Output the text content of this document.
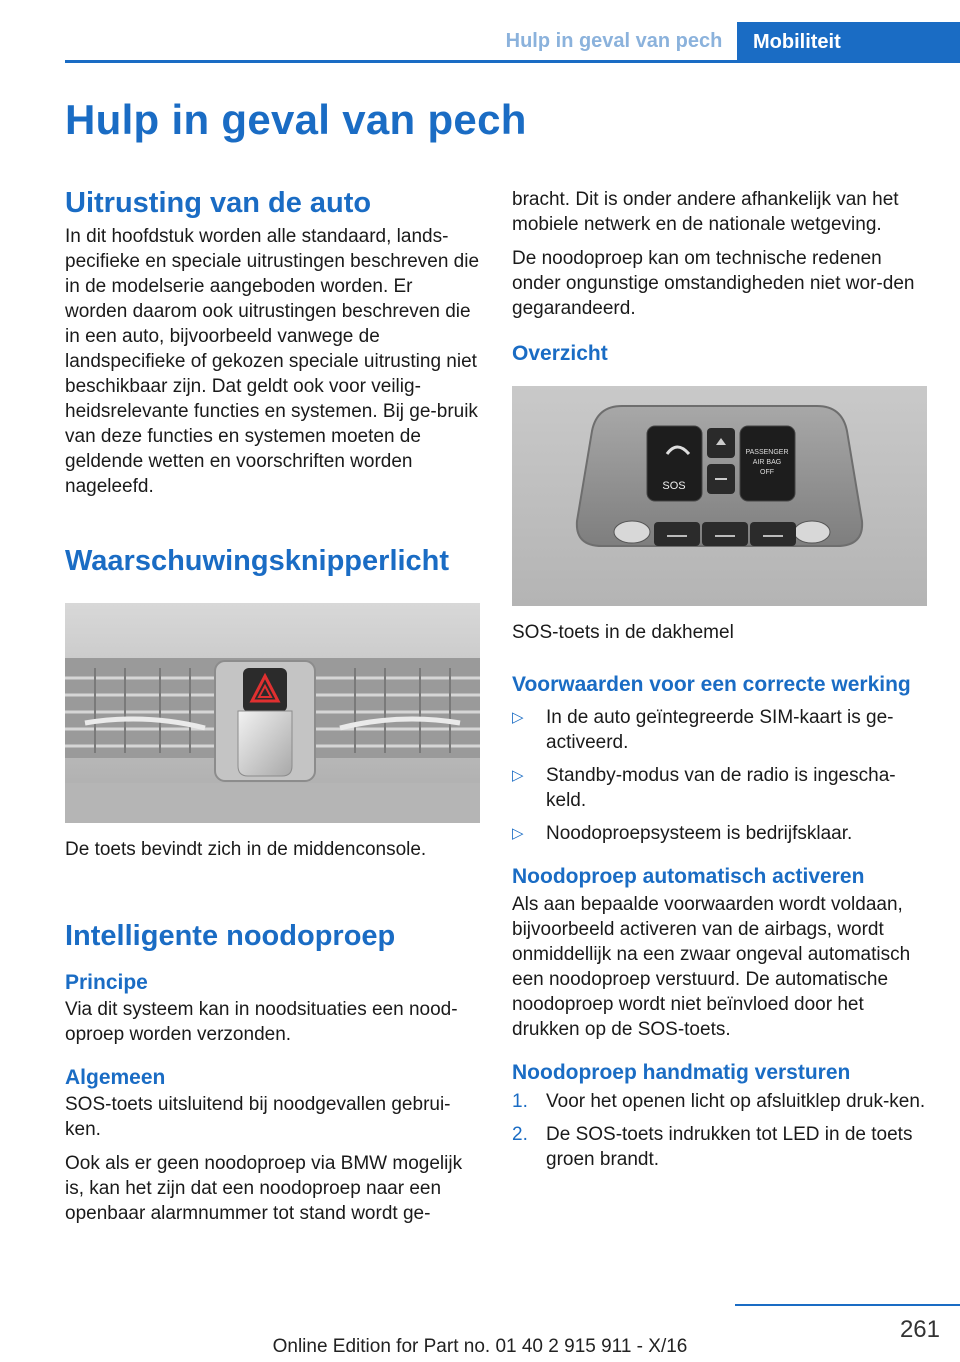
Hulp in geval van pech	Mobiliteit
Hulp in geval van pech
Uitrusting van de auto

In dit hoofdstuk worden alle standaard, lands-pecifieke en speciale uitrustingen beschreven die in de modelserie aangeboden worden. Er worden daarom ook uitrustingen beschreven die in een auto, bijvoorbeeld vanwege de landspecifieke of gekozen speciale uitrusting niet beschikbaar zijn. Dat geldt ook voor veilig-heidsrelevante functies en systemen. Bij ge-bruik van deze functies en systemen moeten de geldende wetten en voorschriften worden nageleefd.

Waarschuwingsknipperlicht
De toets bevindt zich in de middenconsole.
Intelligente noodoproep
Principe

Via dit systeem kan in noodsituaties een nood-oproep worden verzonden.

Algemeen

SOS-toets uitsluitend bij noodgevallen gebrui-ken.

Ook als er geen noodoproep via BMW mogelijk is, kan het zijn dat een noodoproep naar een openbaar alarmnummer tot stand wordt ge-

bracht. Dit is onder andere afhankelijk van het mobiele netwerk en de nationale wetgeving.

De noodoproep kan om technische redenen onder ongunstige omstandigheden niet wor-den gegarandeerd.

Overzicht
SOS
PASSENGER
AIR BAG
OFF
SOS-toets in de dakhemel
Voorwaarden voor een correcte werking
▷ In de auto geïntegreerde SIM-kaart is ge-activeerd.
▷ Standby-modus van de radio is ingescha-keld.
▷ Noodoproepsysteem is bedrijfsklaar.
Noodoproep automatisch activeren

Als aan bepaalde voorwaarden wordt voldaan, bijvoorbeeld activeren van de airbags, wordt onmiddellijk na een zwaar ongeval automatisch een noodoproep verstuurd. De automatische noodoproep wordt niet beïnvloed door het drukken op de SOS-toets.

Noodoproep handmatig versturen
1. Voor het openen licht op afsluitklep druk-ken.
2. De SOS-toets indrukken tot LED in de toets groen brandt.
261
Online Edition for Part no. 01 40 2 915 911 - X/16
